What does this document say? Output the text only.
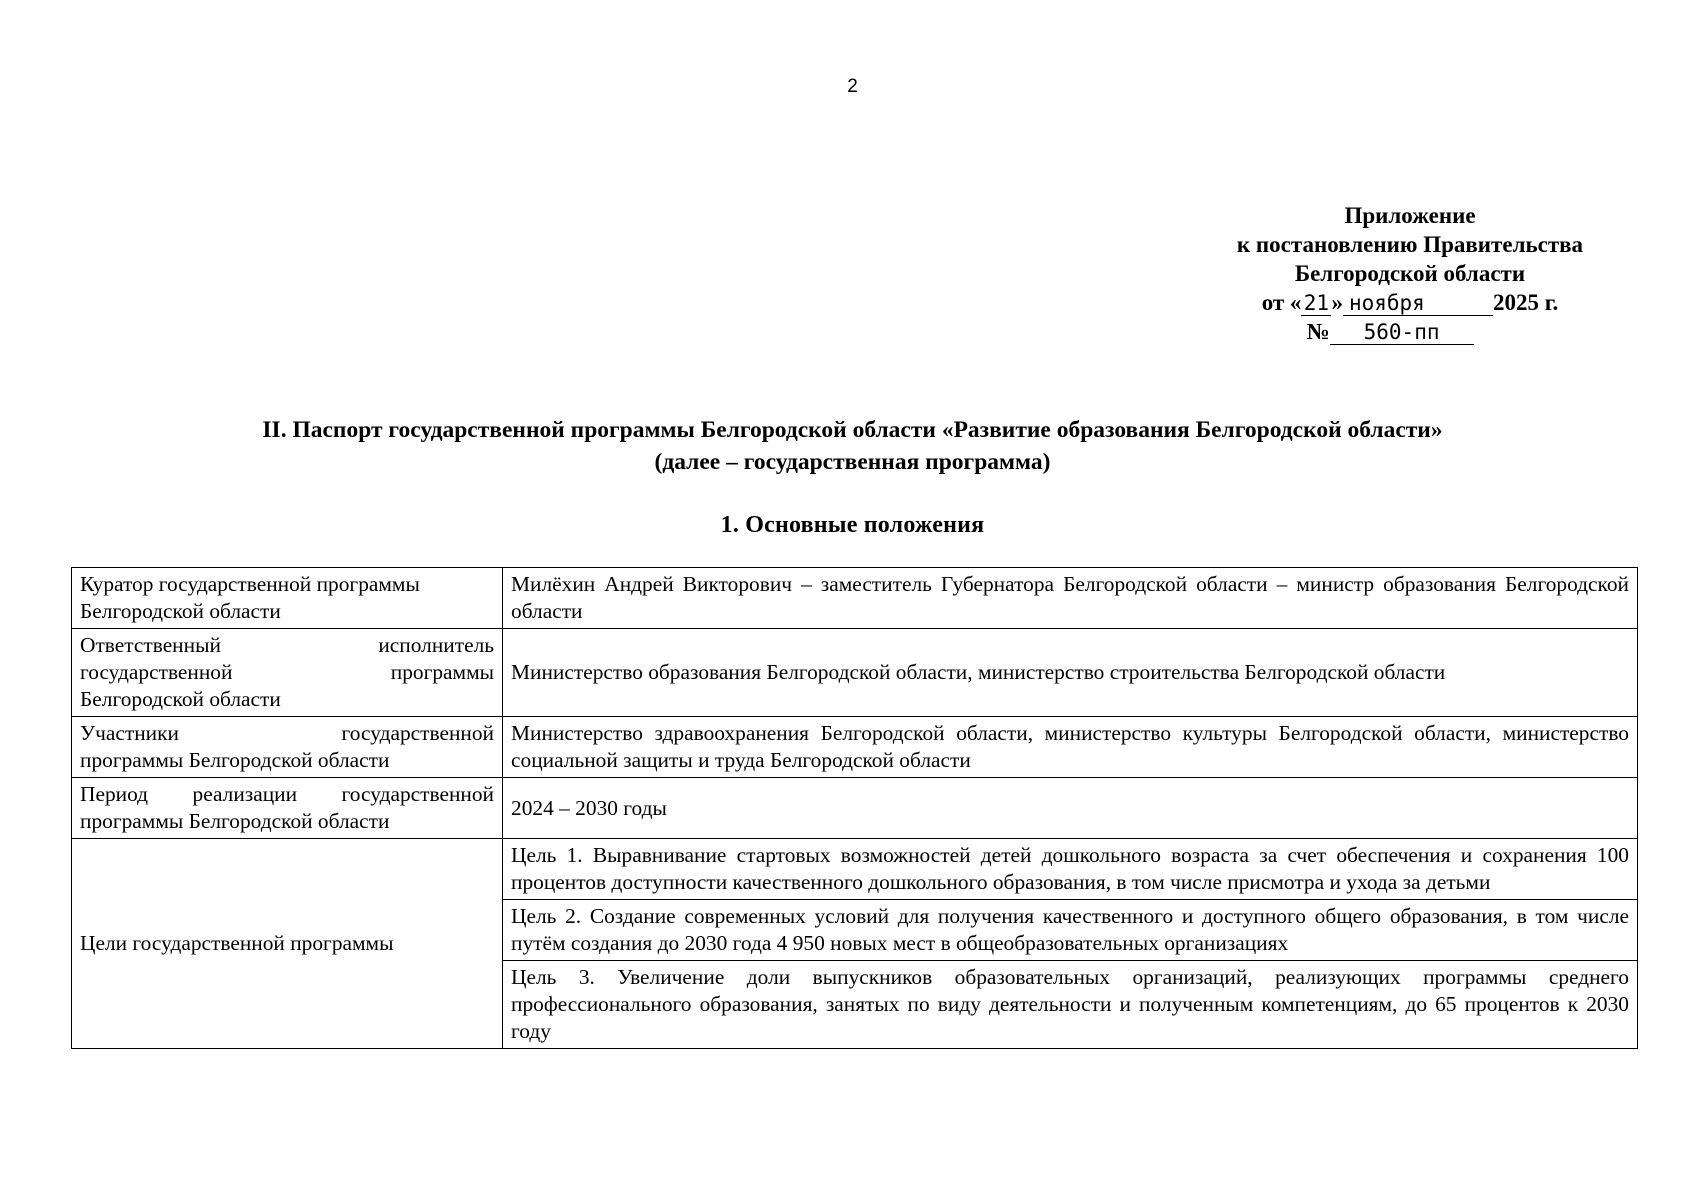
2
Приложение
к постановлению Правительства
Белгородской области
от « 21 » ноября	2025 г.
№ 560-пп
II. Паспорт государственной программы Белгородской области «Развитие образования Белгородской области»
(далее – государственная программа)
1. Основные положения
Куратор государственной программы
Белгородской области	Милёхин Андрей Викторович – заместитель Губернатора Белгородской области – министр образования Белгородской области

Ответственный исполнитель
государственной программы
Белгородской области	Министерство образования Белгородской области, министерство строительства Белгородской области

Участники государственной
программы Белгородской области	Министерство здравоохранения Белгородской области, министерство культуры Белгородской области, министерство социальной защиты и труда Белгородской области

Период реализации государственной
программы Белгородской области	2024 – 2030 годы
Цели государственной программы	Цель 1. Выравнивание стартовых возможностей детей дошкольного возраста за счет обеспечения и сохранения 100 процентов доступности качественного дошкольного образования, в том числе присмотра и ухода за детьми
	Цель 2. Создание современных условий для получения качественного и доступного общего образования, в том числе путём создания до 2030 года 4 950 новых мест в общеобразовательных организациях
	Цель 3. Увеличение доли выпускников образовательных организаций, реализующих программы среднего профессионального образования, занятых по виду деятельности и полученным компетенциям, до 65 процентов к 2030 году
